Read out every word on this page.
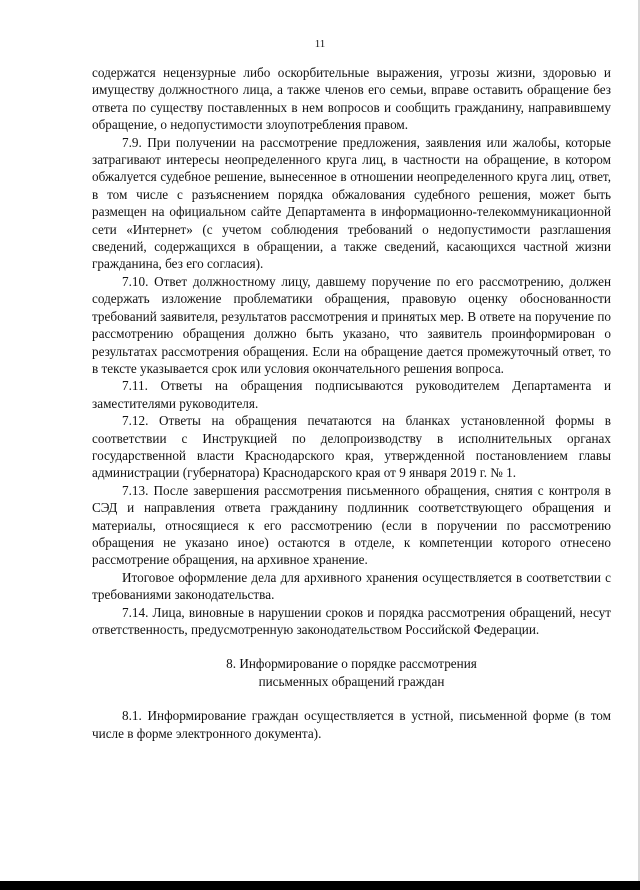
11

содержатся нецензурные либо оскорбительные выражения, угрозы жизни, здоровью и имуществу должностного лица, а также членов его семьи, вправе оставить обращение без ответа по существу поставленных в нем вопросов и сообщить гражданину, направившему обращение, о недопустимости злоупотребления правом.

7.9. При получении на рассмотрение предложения, заявления или жалобы, которые затрагивают интересы неопределенного круга лиц, в частности на обращение, в котором обжалуется судебное решение, вынесенное в отношении неопределенного круга лиц, ответ, в том числе с разъяснением порядка обжалования судебного решения, может быть размещен на официальном сайте Департамента в информационно-телекоммуникационной сети «Интернет» (с учетом соблюдения требований о недопустимости разглашения сведений, содержащихся в обращении, а также сведений, касающихся частной жизни гражданина, без его согласия).

7.10. Ответ должностному лицу, давшему поручение по его рассмотрению, должен содержать изложение проблематики обращения, правовую оценку обоснованности требований заявителя, результатов рассмотрения и принятых мер. В ответе на поручение по рассмотрению обращения должно быть указано, что заявитель проинформирован о результатах рассмотрения обращения. Если на обращение дается промежуточный ответ, то в тексте указывается срок или условия окончательного решения вопроса.

7.11. Ответы на обращения подписываются руководителем Департамента и заместителями руководителя.

7.12. Ответы на обращения печатаются на бланках установленной формы в соответствии с Инструкцией по делопроизводству в исполнительных органах государственной власти Краснодарского края, утвержденной постановлением главы администрации (губернатора) Краснодарского края от 9 января 2019 г. № 1.

7.13. После завершения рассмотрения письменного обращения, снятия с контроля в СЭД и направления ответа гражданину подлинник соответствующего обращения и материалы, относящиеся к его рассмотрению (если в поручении по рассмотрению обращения не указано иное) остаются в отделе, к компетенции которого отнесено рассмотрение обращения, на архивное хранение.

Итоговое оформление дела для архивного хранения осуществляется в соответствии с требованиями законодательства.

7.14. Лица, виновные в нарушении сроков и порядка рассмотрения обращений, несут ответственность, предусмотренную законодательством Российской Федерации.

8. Информирование о порядке рассмотрения
письменных обращений граждан

8.1. Информирование граждан осуществляется в устной, письменной форме (в том числе в форме электронного документа).
